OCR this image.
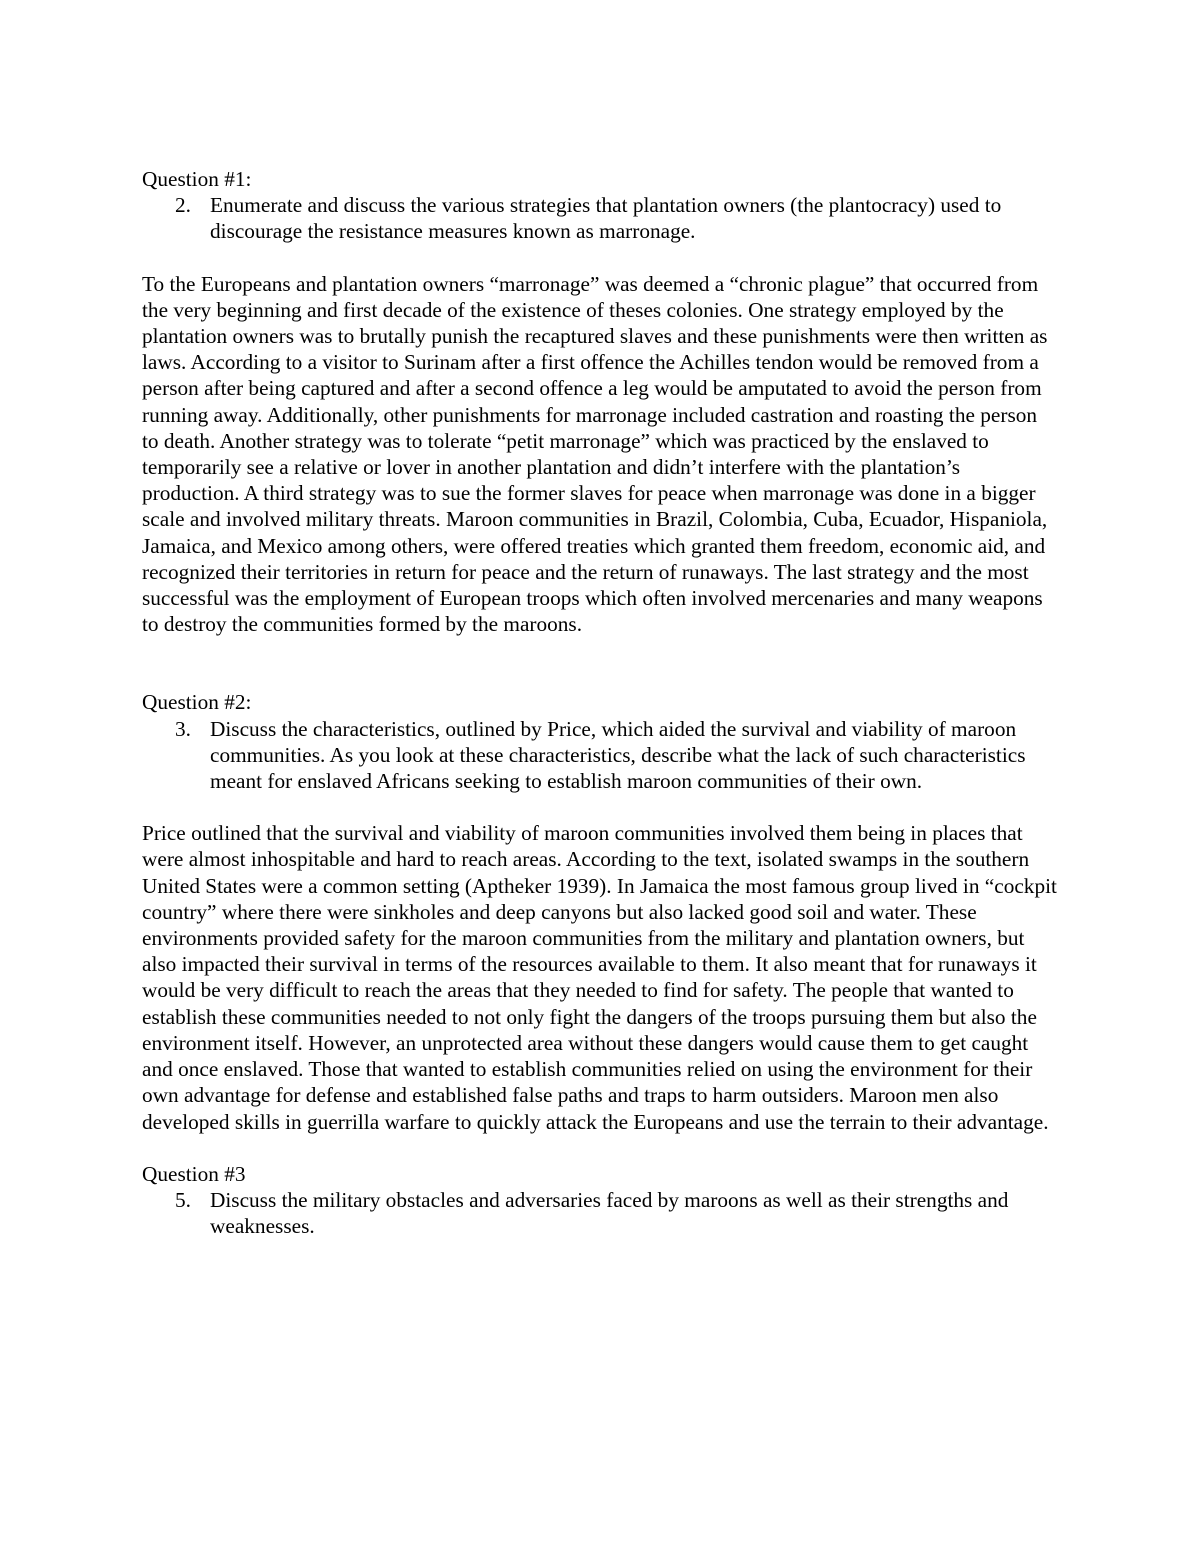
Question #1:

2. Enumerate and discuss the various strategies that plantation owners (the plantocracy) used to discourage the resistance measures known as marronage.

To the Europeans and plantation owners “marronage” was deemed a “chronic plague” that occurred from the very beginning and first decade of the existence of theses colonies. One strategy employed by the plantation owners was to brutally punish the recaptured slaves and these punishments were then written as laws. According to a visitor to Surinam after a first offence the Achilles tendon would be removed from a person after being captured and after a second offence a leg would be amputated to avoid the person from running away. Additionally, other punishments for marronage included castration and roasting the person to death. Another strategy was to tolerate “petit marronage” which was practiced by the enslaved to temporarily see a relative or lover in another plantation and didn’t interfere with the plantation’s production. A third strategy was to sue the former slaves for peace when marronage was done in a bigger scale and involved military threats. Maroon communities in Brazil, Colombia, Cuba, Ecuador, Hispaniola, Jamaica, and Mexico among others, were offered treaties which granted them freedom, economic aid, and recognized their territories in return for peace and the return of runaways. The last strategy and the most successful was the employment of European troops which often involved mercenaries and many weapons to destroy the communities formed by the maroons.

Question #2:

3. Discuss the characteristics, outlined by Price, which aided the survival and viability of maroon communities. As you look at these characteristics, describe what the lack of such characteristics meant for enslaved Africans seeking to establish maroon communities of their own.

Price outlined that the survival and viability of maroon communities involved them being in places that were almost inhospitable and hard to reach areas. According to the text, isolated swamps in the southern United States were a common setting (Aptheker 1939). In Jamaica the most famous group lived in “cockpit country” where there were sinkholes and deep canyons but also lacked good soil and water. These environments provided safety for the maroon communities from the military and plantation owners, but also impacted their survival in terms of the resources available to them. It also meant that for runaways it would be very difficult to reach the areas that they needed to find for safety. The people that wanted to establish these communities needed to not only fight the dangers of the troops pursuing them but also the environment itself. However, an unprotected area without these dangers would cause them to get caught and once enslaved. Those that wanted to establish communities relied on using the environment for their own advantage for defense and established false paths and traps to harm outsiders. Maroon men also developed skills in guerrilla warfare to quickly attack the Europeans and use the terrain to their advantage.

Question #3

5. Discuss the military obstacles and adversaries faced by maroons as well as their strengths and weaknesses.
